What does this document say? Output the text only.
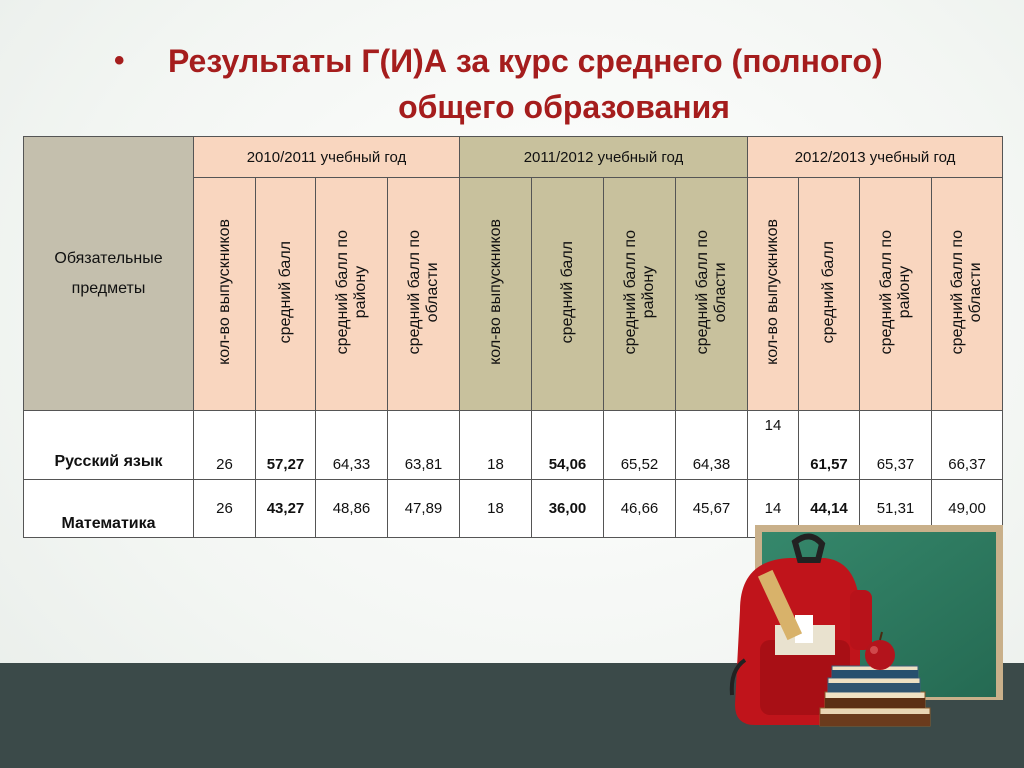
•	Результаты Г(И)А за курс среднего (полного)
общего образования
Обязательные предметы	2010/2011 учебный год				2011/2012 учебный год				2012/2013 учебный год			
	кол-во выпускников	средний балл	средний балл по
району	средний балл по
области	кол-во выпускников	средний балл	средний балл по
району	средний балл по
области	кол-во выпускников	средний балл	средний балл по
району	средний балл по
области
Русский язык	26	57,27	64,33	63,81	18	54,06	65,52	64,38	14	61,57	65,37	66,37
Математика	26	43,27	48,86	47,89	18	36,00	46,66	45,67	14	44,14	51,31	49,00
